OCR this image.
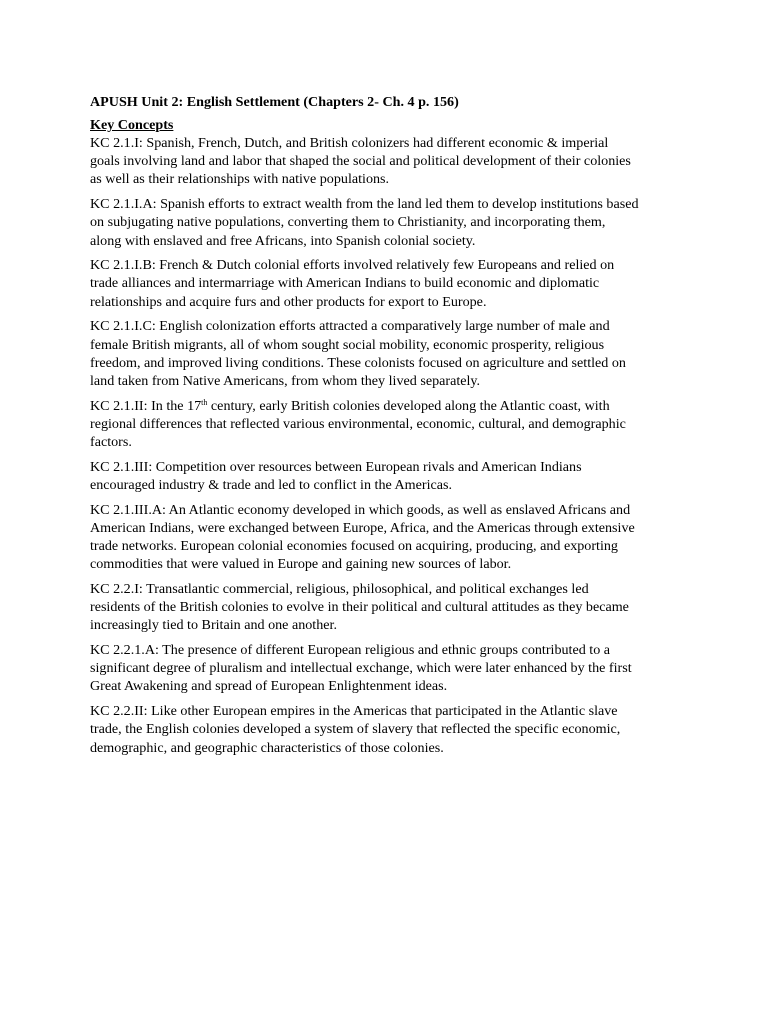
APUSH Unit 2: English Settlement (Chapters 2- Ch. 4 p. 156)
Key Concepts
KC 2.1.I: Spanish, French, Dutch, and British colonizers had different economic & imperial
goals involving land and labor that shaped the social and political development of their colonies
as well as their relationships with native populations.
KC 2.1.I.A: Spanish efforts to extract wealth from the land led them to develop institutions based
on subjugating native populations, converting them to Christianity, and incorporating them,
along with enslaved and free Africans, into Spanish colonial society.
KC 2.1.I.B: French & Dutch colonial efforts involved relatively few Europeans and relied on
trade alliances and intermarriage with American Indians to build economic and diplomatic
relationships and acquire furs and other products for export to Europe.
KC 2.1.I.C: English colonization efforts attracted a comparatively large number of male and
female British migrants, all of whom sought social mobility, economic prosperity, religious
freedom, and improved living conditions. These colonists focused on agriculture and settled on
land taken from Native Americans, from whom they lived separately.
KC 2.1.II: In the 17th century, early British colonies developed along the Atlantic coast, with
regional differences that reflected various environmental, economic, cultural, and demographic
factors.
KC 2.1.III: Competition over resources between European rivals and American Indians
encouraged industry & trade and led to conflict in the Americas.
KC 2.1.III.A: An Atlantic economy developed in which goods, as well as enslaved Africans and
American Indians, were exchanged between Europe, Africa, and the Americas through extensive
trade networks. European colonial economies focused on acquiring, producing, and exporting
commodities that were valued in Europe and gaining new sources of labor.
KC 2.2.I: Transatlantic commercial, religious, philosophical, and political exchanges led
residents of the British colonies to evolve in their political and cultural attitudes as they became
increasingly tied to Britain and one another.
KC 2.2.1.A: The presence of different European religious and ethnic groups contributed to a
significant degree of pluralism and intellectual exchange, which were later enhanced by the first
Great Awakening and spread of European Enlightenment ideas.
KC 2.2.II: Like other European empires in the Americas that participated in the Atlantic slave
trade, the English colonies developed a system of slavery that reflected the specific economic,
demographic, and geographic characteristics of those colonies.
